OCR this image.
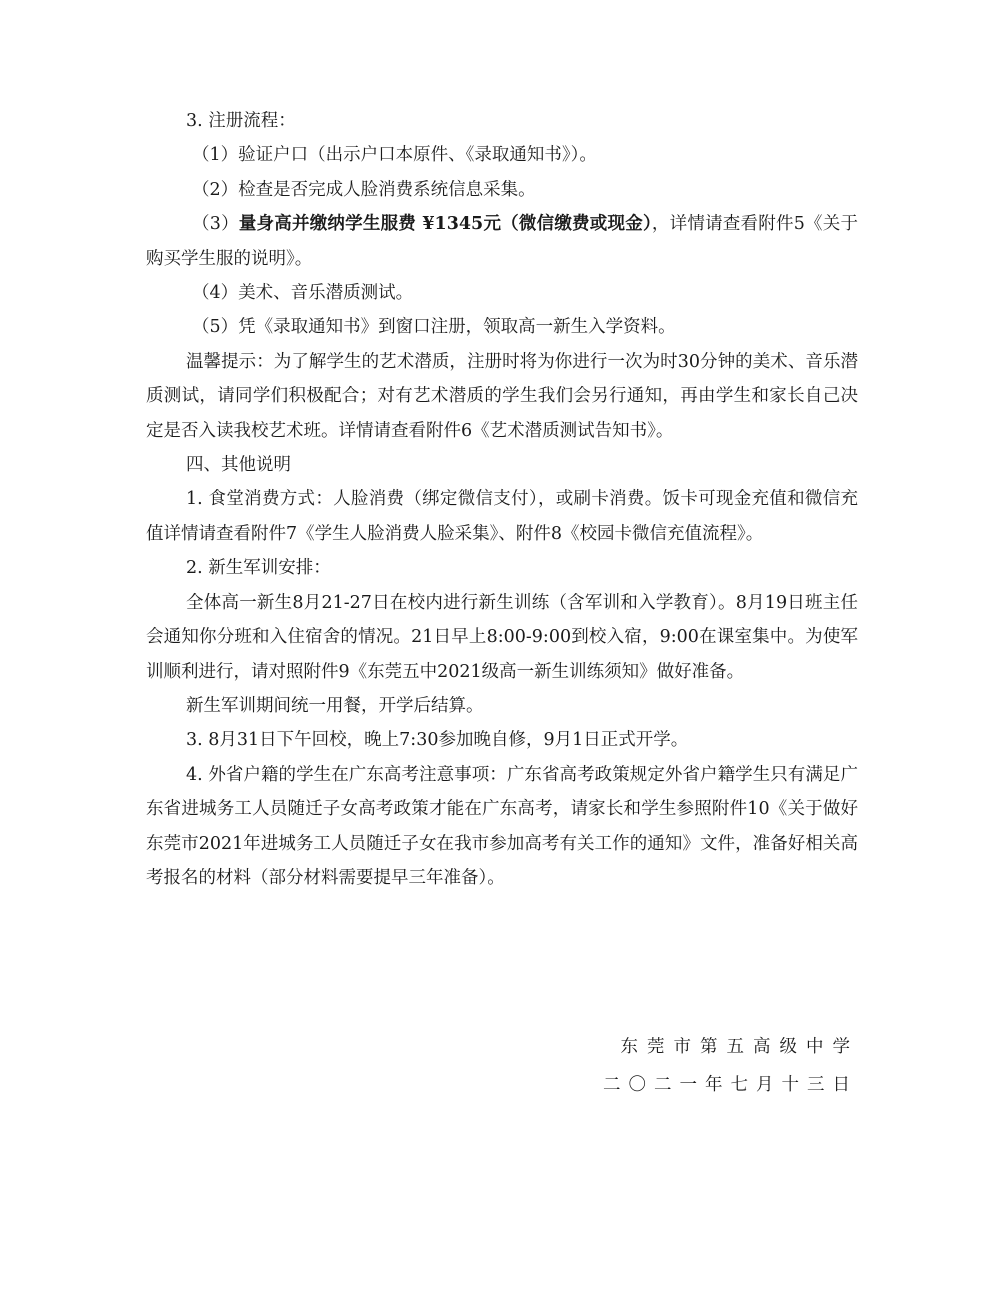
3. 注册流程：

（1）验证户口（出示户口本原件、《录取通知书》）。

（2）检查是否完成人脸消费系统信息采集。

（3）量身高并缴纳学生服费 ¥1345元（微信缴费或现金），详情请查看附件5《关于购买学生服的说明》。

（4）美术、音乐潜质测试。

（5）凭《录取通知书》到窗口注册，领取高一新生入学资料。

温馨提示：为了解学生的艺术潜质，注册时将为你进行一次为时30分钟的美术、音乐潜质测试，请同学们积极配合；对有艺术潜质的学生我们会另行通知，再由学生和家长自己决定是否入读我校艺术班。详情请查看附件6《艺术潜质测试告知书》。

四、其他说明

1. 食堂消费方式：人脸消费（绑定微信支付），或刷卡消费。饭卡可现金充值和微信充值详情请查看附件7《学生人脸消费人脸采集》、附件8《校园卡微信充值流程》。

2. 新生军训安排：

全体高一新生8月21-27日在校内进行新生训练（含军训和入学教育）。8月19日班主任会通知你分班和入住宿舍的情况。21日早上8:00-9:00到校入宿，9:00在课室集中。为使军训顺利进行，请对照附件9《东莞五中2021级高一新生训练须知》做好准备。

新生军训期间统一用餐，开学后结算。

3. 8月31日下午回校，晚上7:30参加晚自修，9月1日正式开学。

4. 外省户籍的学生在广东高考注意事项：广东省高考政策规定外省户籍学生只有满足广东省进城务工人员随迁子女高考政策才能在广东高考，请家长和学生参照附件10《关于做好东莞市2021年进城务工人员随迁子女在我市参加高考有关工作的通知》文件，准备好相关高考报名的材料（部分材料需要提早三年准备）。

东莞市第五高级中学
二〇二一年七月十三日
